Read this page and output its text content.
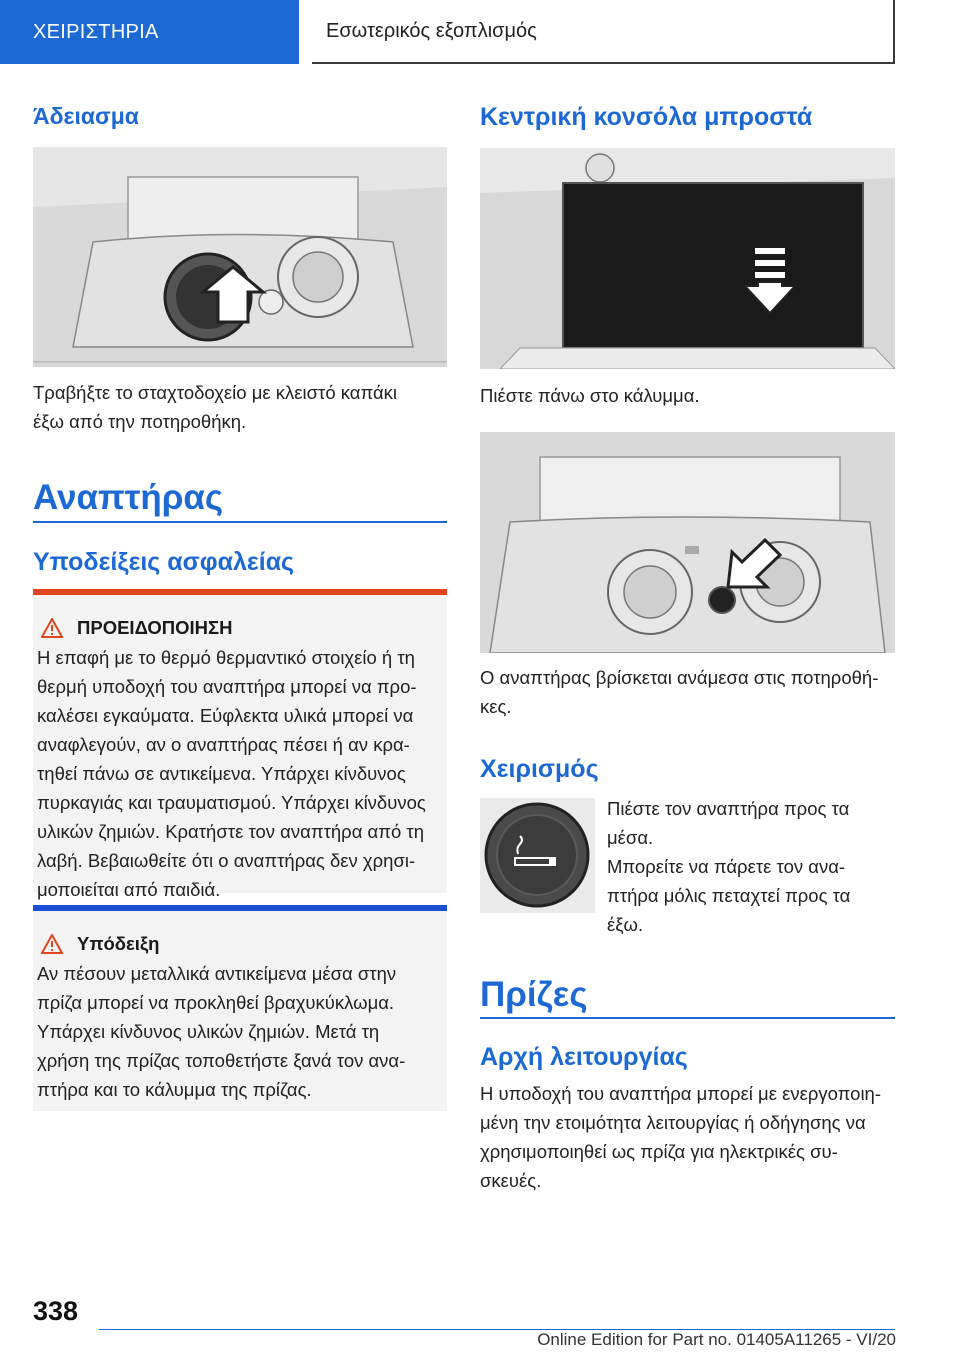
ΧΕΙΡΙΣΤΗΡΙΑ	Εσωτερικός εξοπλισμός
Άδειασμα
Τραβήξτε το σταχτοδοχείο με κλειστό καπάκι
έξω από την ποτηροθήκη.
Αναπτήρας
Υποδείξεις ασφαλείας
ΠΡΟΕΙΔΟΠΟΙΗΣΗ
Η επαφή με το θερμό θερμαντικό στοιχείο ή τη
θερμή υποδοχή του αναπτήρα μπορεί να προ-
καλέσει εγκαύματα. Εύφλεκτα υλικά μπορεί να
αναφλεγούν, αν ο αναπτήρας πέσει ή αν κρα-
τηθεί πάνω σε αντικείμενα. Υπάρχει κίνδυνος
πυρκαγιάς και τραυματισμού. Υπάρχει κίνδυνος
υλικών ζημιών. Κρατήστε τον αναπτήρα από τη
λαβή. Βεβαιωθείτε ότι ο αναπτήρας δεν χρησι-
μοποιείται από παιδιά.
Υπόδειξη
Αν πέσουν μεταλλικά αντικείμενα μέσα στην
πρίζα μπορεί να προκληθεί βραχυκύκλωμα.
Υπάρχει κίνδυνος υλικών ζημιών. Μετά τη
χρήση της πρίζας τοποθετήστε ξανά τον ανα-
πτήρα και το κάλυμμα της πρίζας.
Κεντρική κονσόλα μπροστά
Πιέστε πάνω στο κάλυμμα.
Ο αναπτήρας βρίσκεται ανάμεσα στις ποτηροθή-
κες.
Χειρισμός
Πιέστε τον αναπτήρα προς τα
μέσα.
Μπορείτε να πάρετε τον ανα-
πτήρα μόλις πεταχτεί προς τα
έξω.
Πρίζες
Αρχή λειτουργίας
Η υποδοχή του αναπτήρα μπορεί με ενεργοποιη-
μένη την ετοιμότητα λειτουργίας ή οδήγησης να
χρησιμοποιηθεί ως πρίζα για ηλεκτρικές συ-
σκευές.
338
Online Edition for Part no. 01405A11265 - VI/20
